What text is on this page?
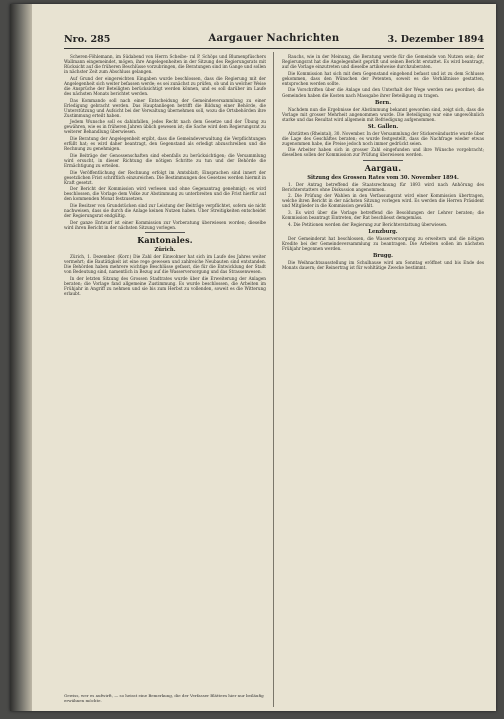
Nro. 285	Aargauer Nachrichten	3. Dezember 1894

Scheren-Föhlemann, im Südabend von Herrn Scheibe- ral P. Schöps und Blumenpfüschers Wallmann eingemeindet, mögen, ihre Angelegenheiten in der Sitzung des Regierungsrats mit Rücksicht auf die früheren Beschlüsse vorzubringen, die Beratungen sind im Gange und sollen in nächster Zeit zum Abschluss gelangen.

Auf Grund der eingereichten Eingaben wurde beschlossen, dass die Regierung mit der Angelegenheit sich weiter befassen werde; es sei zunächst zu prüfen, ob und in welcher Weise die Ansprüche der Beteiligten berücksichtigt werden können, und es soll darüber im Laufe des nächsten Monats berichtet werden.

Das Kommando soll nach einer Entscheidung der Gemeindeversammlung zu einer Erledigung gebracht werden. Das Hauptanliegen betrifft die Bildung einer Behörde, die Unterstützung und Aufsicht bei der Verwaltung übernehmen soll, wozu die Ortsbehörden ihre Zustimmung erteilt haben.

Jedem Wunsche soll es dahinfallen, jedes Recht nach dem Gesetze und der Übung zu gewähren, wie es in früheren Jahren üblich gewesen ist; die Sache wird dem Regierungsrat zu weiterer Behandlung überwiesen.

Die Beratung der Angelegenheit ergibt, dass die Gemeindeverwaltung die Verpflichtungen erfüllt hat; es wird daher beantragt, den Gegenstand als erledigt abzuschreiben und die Rechnung zu genehmigen.

Die Beiträge der Genossenschaften sind ebenfalls zu berücksichtigen; die Versammlung wird ersucht, in dieser Richtung die nötigen Schritte zu tun und der Behörde die Ermächtigung zu erteilen.

Die Veröffentlichung der Rechnung erfolgt im Amtsblatt; Einsprachen sind innert der gesetzlichen Frist schriftlich einzureichen. Die Bestimmungen des Gesetzes werden hiermit in Kraft gesetzt.

Der Bericht der Kommission wird verlesen und ohne Gegenantrag genehmigt; es wird beschlossen, die Vorlage dem Volke zur Abstimmung zu unterbreiten und die Frist hierfür auf den kommenden Monat festzusetzen.

Die Besitzer von Grundstücken sind zur Leistung der Beiträge verpflichtet, sofern sie nicht nachweisen, dass sie durch die Anlage keinen Nutzen haben. Über Streitigkeiten entscheidet der Regierungsrat endgültig.

Der ganze Entwurf ist einer Kommission zur Vorberatung überwiesen worden; dieselbe wird ihren Bericht in der nächsten Sitzung vorlegen.

Kantonales.
Zürich.

Zürich, 1. Dezember. (Korr.) Die Zahl der Einwohner hat sich im Laufe des Jahres weiter vermehrt; die Bautätigkeit ist eine rege gewesen und zahlreiche Neubauten sind entstanden. Die Behörden haben mehrere wichtige Beschlüsse gefasst, die für die Entwicklung der Stadt von Bedeutung sind, namentlich in Bezug auf die Wasserversorgung und das Strassenwesen.

In der letzten Sitzung des Grossen Stadtrates wurde über die Erweiterung der Anlagen beraten; die Vorlage fand allgemeine Zustimmung. Es wurde beschlossen, die Arbeiten im Frühjahr in Angriff zu nehmen und sie bis zum Herbst zu vollenden, soweit es die Witterung erlaubt.

Rauchs, wie in der Meinung, die Beratung werde für die Gemeinde von Nutzen sein; der Regierungsrat hat die Angelegenheit geprüft und seinen Bericht erstattet. Es wird beantragt, auf die Vorlage einzutreten und dieselbe artikelweise durchzuberaten.

Die Kommission hat sich mit dem Gegenstand eingehend befasst und ist zu dem Schlusse gekommen, dass den Wünschen der Petenten, soweit es die Verhältnisse gestatten, entsprochen werden sollte.

Die Vorschriften über die Anlage und den Unterhalt der Wege werden neu geordnet; die Gemeinden haben die Kosten nach Massgabe ihrer Beteiligung zu tragen.

Bern.

Nachdem nun die Ergebnisse der Abstimmung bekannt geworden sind, zeigt sich, dass die Vorlage mit grosser Mehrheit angenommen wurde. Die Beteiligung war eine ungewöhnlich starke und das Resultat wird allgemein mit Befriedigung aufgenommen.

St. Gallen.

Altstätten (Rheintal), 30. November. In der Versammlung der Stickereiindustrie wurde über die Lage des Geschäftes beraten; es wurde festgestellt, dass die Nachfrage wieder etwas zugenommen habe, die Preise jedoch noch immer gedrückt seien.

Die Arbeiter haben sich in grosser Zahl eingefunden und ihre Wünsche vorgebracht; dieselben sollen der Kommission zur Prüfung überwiesen werden.

Aargau.
Sitzung des Grossen Rates vom 30. November 1894.

1. Der Antrag betreffend die Staatsrechnung für 1893 wird nach Anhörung des Berichterstatters ohne Diskussion angenommen.

2. Die Prüfung der Wahlen in den Verfassungsrat wird einer Kommission übertragen, welche ihren Bericht in der nächsten Sitzung vorlegen wird. Es werden die Herren Präsident und Mitglieder in die Kommission gewählt.

3. Es wird über die Vorlage betreffend die Besoldungen der Lehrer beraten; die Kommission beantragt Eintreten, der Rat beschliesst demgemäss.

4. Die Petitionen werden der Regierung zur Berichterstattung überwiesen.

Lenzburg.

Der Gemeinderat hat beschlossen, die Wasserversorgung zu erweitern und die nötigen Kredite bei der Gemeindeversammlung zu beantragen. Die Arbeiten sollen im nächsten Frühjahr begonnen werden.

Brugg.

Die Weihnachtsausstellung im Schulhause wird am Sonntag eröffnet und bis Ende des Monats dauern; der Reinertrag ist für wohltätige Zwecke bestimmt.

Gewiss, wer es aufwirft, — so heisst eine Bemerkung, die der Verfasser Blättern hier nur beiläufig erwähnen möchte.
